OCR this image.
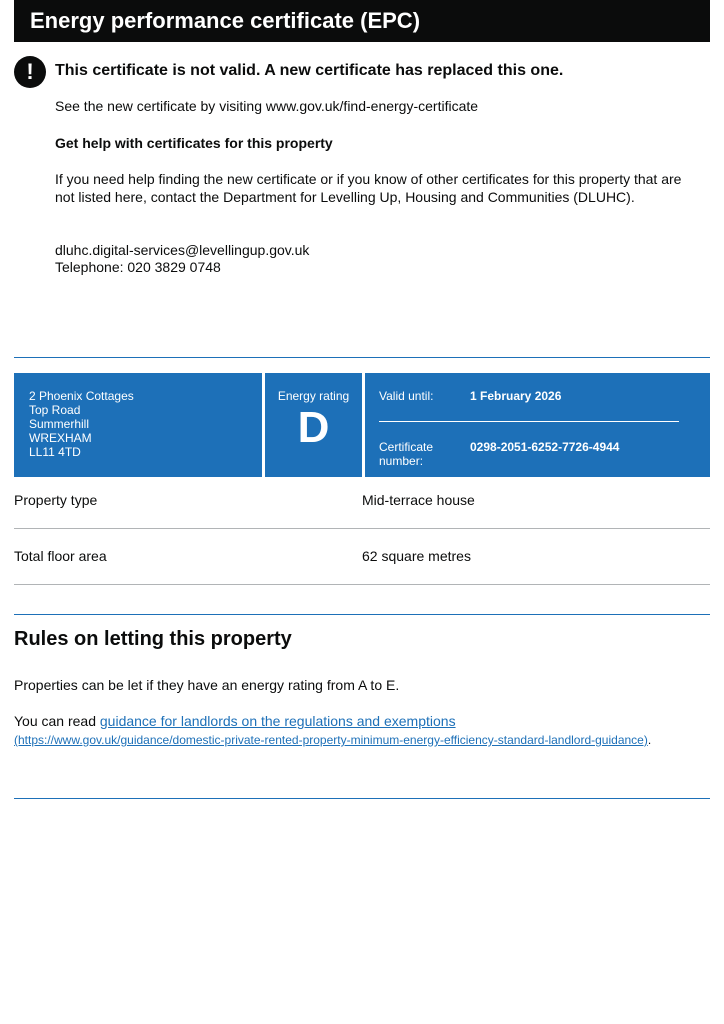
Energy performance certificate (EPC)
!	This certificate is not valid. A new certificate has replaced this one.
See the new certificate by visiting www.gov.uk/find-energy-certificate
Get help with certificates for this property
If you need help finding the new certificate or if you know of other certificates for this property that are not listed here, contact the Department for Levelling Up, Housing and Communities (DLUHC).
dluhc.digital-services@levellingup.gov.uk
Telephone: 020 3829 0748
2 Phoenix Cottages
Top Road
Summerhill
WREXHAM
LL11 4TD
Energy rating
D
Valid until:	1 February 2026
Certificate
number:
0298-2051-6252-7726-4944
Property type	Mid-terrace house
Total floor area	62 square metres
Rules on letting this property
Properties can be let if they have an energy rating from A to E.
You can read guidance for landlords on the regulations and exemptions
(https://www.gov.uk/guidance/domestic-private-rented-property-minimum-energy-efficiency-standard-landlord-guidance).
